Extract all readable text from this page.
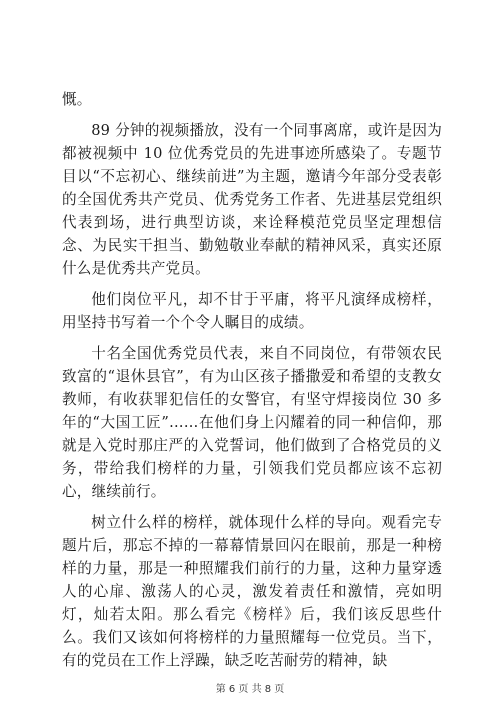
慨。

89 分钟的视频播放，没有一个同事离席，或许是因为都被视频中 10 位优秀党员的先进事迹所感染了。专题节目以“不忘初心、继续前进”为主题，邀请今年部分受表彰的全国优秀共产党员、优秀党务工作者、先进基层党组织代表到场，进行典型访谈，来诠释模范党员坚定理想信念、为民实干担当、勤勉敬业奉献的精神风采，真实还原什么是优秀共产党员。

他们岗位平凡，却不甘于平庸，将平凡演绎成榜样，用坚持书写着一个个令人瞩目的成绩。

十名全国优秀党员代表，来自不同岗位，有带领农民致富的“退休县官”，有为山区孩子播撒爱和希望的支教女教师，有收获罪犯信任的女警官，有坚守焊接岗位 30 多年的“大国工匠”……在他们身上闪耀着的同一种信仰，那就是入党时那庄严的入党誓词，他们做到了合格党员的义务，带给我们榜样的力量，引领我们党员都应该不忘初心，继续前行。

树立什么样的榜样，就体现什么样的导向。观看完专题片后，那忘不掉的一幕幕情景回闪在眼前，那是一种榜样的力量，那是一种照耀我们前行的力量，这种力量穿透人的心扉、激荡人的心灵，激发着责任和激情，亮如明灯，灿若太阳。那么看完《榜样》后，我们该反思些什么。我们又该如何将榜样的力量照耀每一位党员。当下，有的党员在工作上浮躁，缺乏吃苦耐劳的精神，缺

第 6 页 共 8 页
